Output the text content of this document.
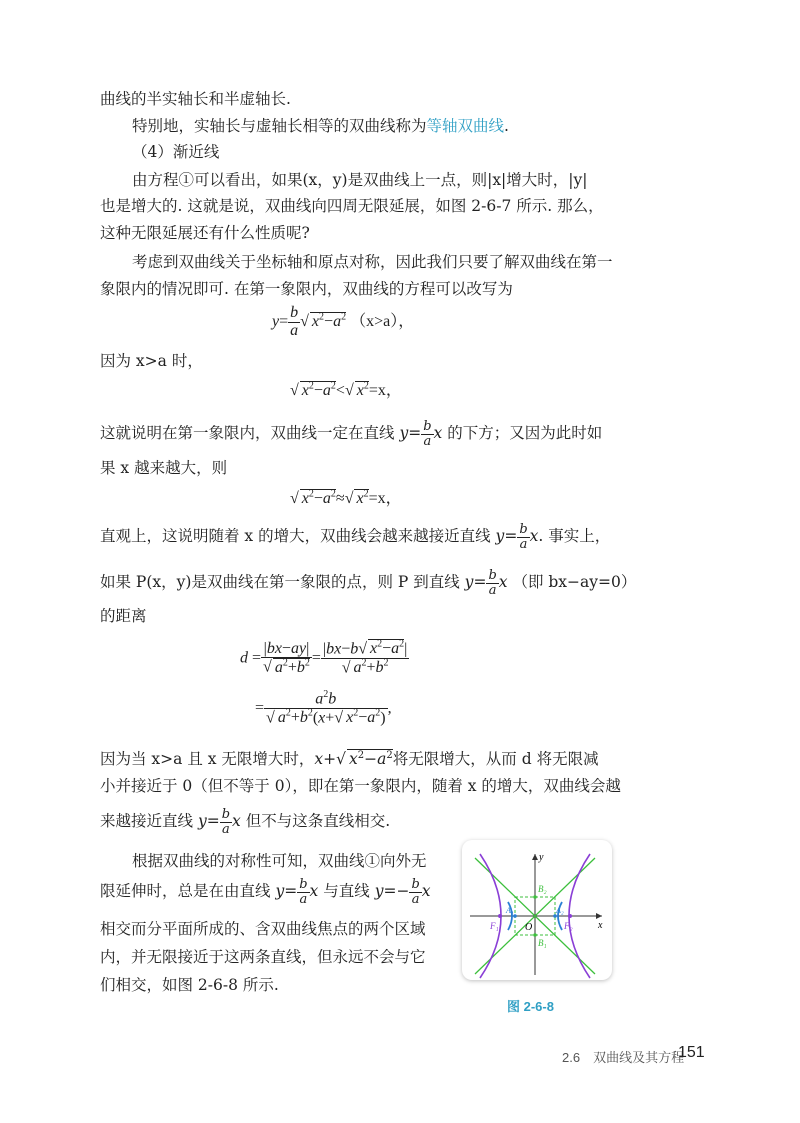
曲线的半实轴长和半虚轴长.
特别地，实轴长与虚轴长相等的双曲线称为等轴双曲线.
（4）渐近线
由方程①可以看出，如果(x，y)是双曲线上一点，则|x|增大时，|y|
也是增大的. 这就是说，双曲线向四周无限延展，如图 2-6-7 所示. 那么，
这种无限延展还有什么性质呢?
考虑到双曲线关于坐标轴和原点对称，因此我们只要了解双曲线在第一
象限内的情况即可. 在第一象限内，双曲线的方程可以改写为
$y= \frac{b}{a}$ √ $x^2-a^2$ （x>a），
因为 x>a 时，
√ $x^2-a^2<√$ $x^2=x$，
这就说明在第一象限内，双曲线一定在直线 $y= \frac{b}{a}$ x 的下方；又因为此时如
果 x 越来越大，则
√ $x^2-a^2\approx√$ $x^2=x$，
直观上，这说明随着 x 的增大，双曲线会越来越接近直线 $y= \frac{b}{a} x$. 事实上，
如果 P(x，y)是双曲线在第一象限的点，则 P 到直线 $y= \frac{b}{a}$ x （即 bx−ay=0）
的距离
$d = \frac{|bx-ay|}{√ a^2+b^2} = \frac{|bx-b√ x^2-a^2|}{√ a^2+b^2}$
= $\frac{a^2b}{√ a^2+b^2(x+√ x^2-a^2)}$ ,
因为当 x>a 且 x 无限增大时，x+√ $x^2-a^2$将无限增大，从而 d 将无限减
小并接近于 0（但不等于 0），即在第一象限内，随着 x 的增大，双曲线会越
来越接近直线 $y= \frac{b}{a}$ x 但不与这条直线相交.
根据双曲线的对称性可知，双曲线①向外无
限延伸时，总是在由直线 $y= \frac{b}{a}$ x 与直线 $y=- \frac{b}{a}$ x
相交而分平面所成的、含双曲线焦点的两个区域
内，并无限接近于这两条直线，但永远不会与它
们相交，如图 2-6-8 所示.
y
x
O
B₂
B₁
F₁	F₂
A₁	A₂
图 2-6-8
2.6　双曲线及其方程
151
